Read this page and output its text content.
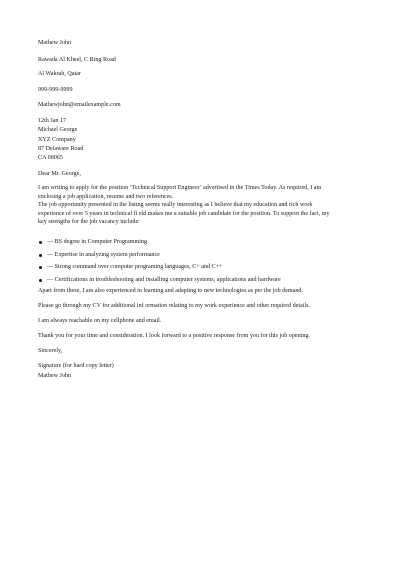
Mathew John
Rawada Al Kheel, C Ring Road
Al Wakrah, Qatar
999-999-9999
Mathewjohn@emailexample.com
12th Jan 17
Michael George
XYZ Company
87 Delaware Road
CA 08065
Dear Mr. George,
I am writing to apply for the position ‘Technical Support Engineer’ advertised in the Times Today. As required, I am
enclosing a job application, resume and two references.
The job opportunity presented in the listing seems really interesting as I believe that my education and rich work
experience of over 5 years in technical fi eld makes me a suitable job candidate for the position. To support the fact, my
key strengths for the job vacancy include:
— BS degree in Computer Programming
— Expertise in analyzing system performance
— Strong command over computer programing languages, C+ and C++
— Certifications in troubleshooting and installing computer systems, applications and hardware
Apart from these, I am also experienced in learning and adapting to new technologies as per the job demand.
Please go through my CV for additional inf ormation relating to my work experience and other required details.
I am always reachable on my cellphone and email.
Thank you for your time and consideration. I look forward to a positive response from you for this job opening.
Sincerely,
Signature (for hard copy letter)
Mathew John
